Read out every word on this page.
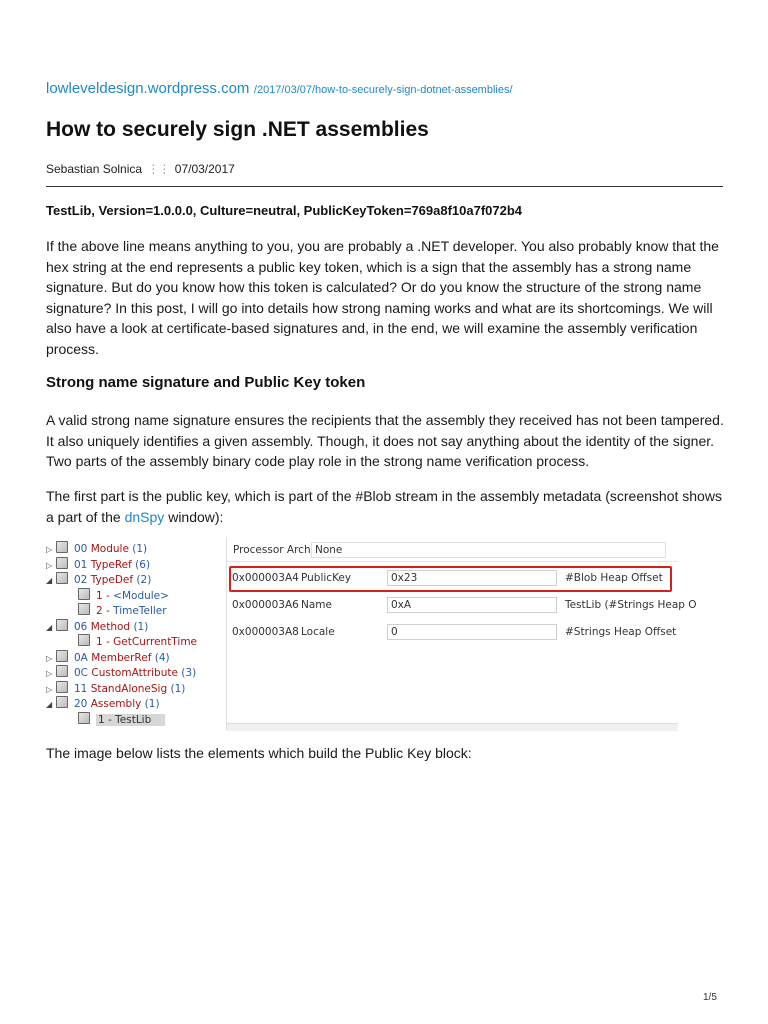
lowleveldesign.wordpress.com /2017/03/07/how-to-securely-sign-dotnet-assemblies/
How to securely sign .NET assemblies
Sebastian Solnica ⋮⋮ 07/03/2017
TestLib, Version=1.0.0.0, Culture=neutral, PublicKeyToken=769a8f10a7f072b4

If the above line means anything to you, you are probably a .NET developer. You also probably know that the hex string at the end represents a public key token, which is a sign that the assembly has a strong name signature. But do you know how this token is calculated? Or do you know the structure of the strong name signature? In this post, I will go into details how strong naming works and what are its shortcomings. We will also have a look at certificate-based signatures and, in the end, we will examine the assembly verification process.

Strong name signature and Public Key token

A valid strong name signature ensures the recipients that the assembly they received has not been tampered. It also uniquely identifies a given assembly. Though, it does not say anything about the identity of the signer. Two parts of the assembly binary code play role in the strong name verification process.

The first part is the public key, which is part of the #Blob stream in the assembly metadata (screenshot shows a part of the dnSpy window):

▷ 00 Module (1)
▷ 01 TypeRef (6)
◢ 02 TypeDef (2)
1 - <Module>
2 - TimeTeller
◢ 06 Method (1)
1 - GetCurrentTime
▷ 0A MemberRef (4)
▷ 0C CustomAttribute (3)
▷ 11 StandAloneSig (1)
◢ 20 Assembly (1)
1 - TestLib
Processor Arch None
0x000003A4 PublicKey	0x23	#Blob Heap Offset
0x000003A6 Name	0xA	TestLib (#Strings Heap O
0x000003A8 Locale	0	#Strings Heap Offset

The image below lists the elements which build the Public Key block:

1/5
